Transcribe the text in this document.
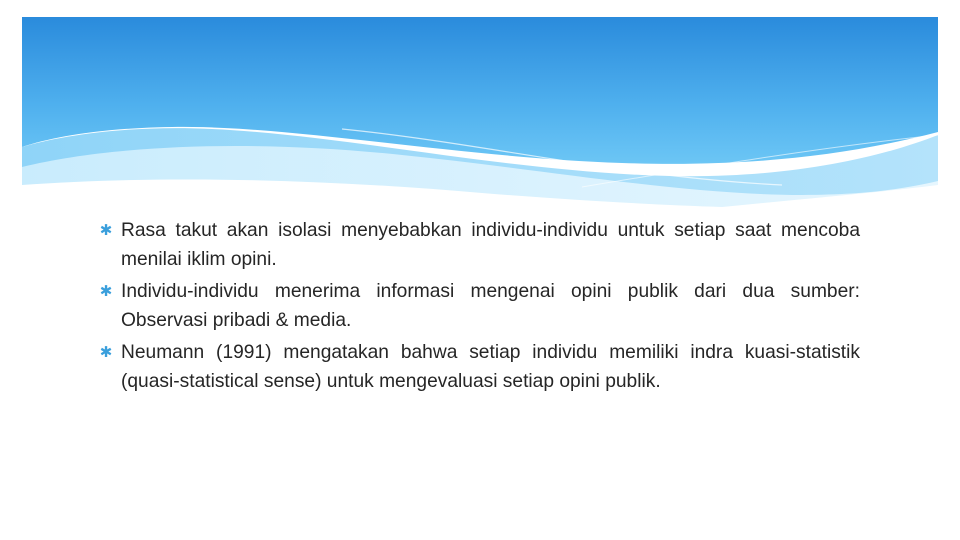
✱ Rasa takut akan isolasi menyebabkan individu-individu untuk setiap saat mencoba menilai iklim opini.
✱ Individu-individu menerima informasi mengenai opini publik dari dua sumber: Observasi pribadi & media.
✱ Neumann (1991) mengatakan bahwa setiap individu memiliki indra kuasi-statistik (quasi-statistical sense) untuk mengevaluasi setiap opini publik.
